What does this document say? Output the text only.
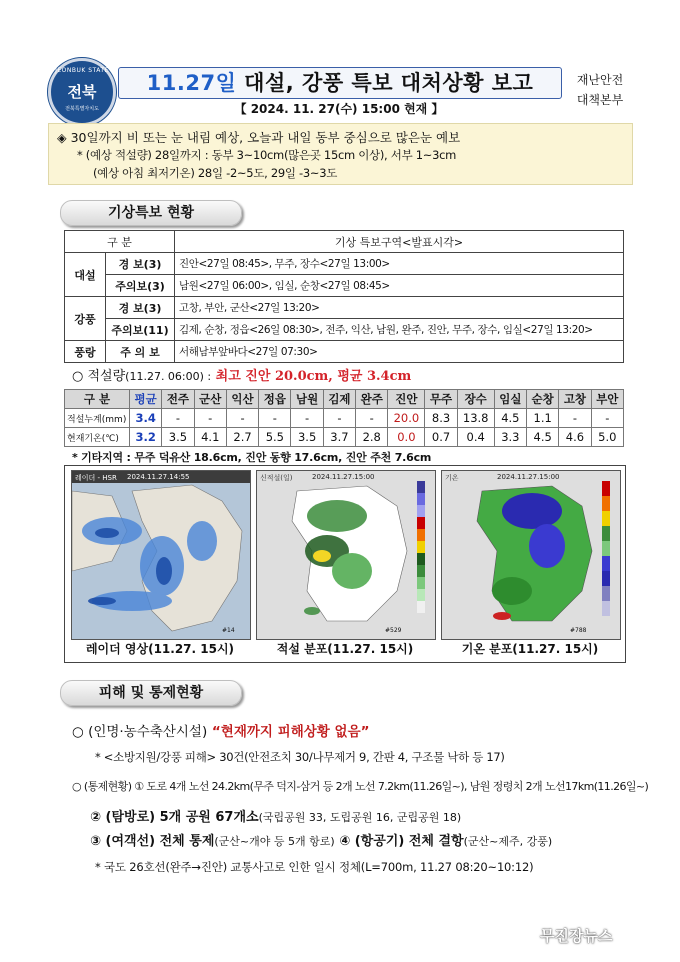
JEONBUK STATE
전북
전북특별자치도
11.27일 대설, 강풍 특보 대처상황 보고
【 2024. 11. 27(수) 15:00 현재 】
재난안전
대책본부
◈ 30일까지 비 또는 눈 내림 예상, 오늘과 내일 동부 중심으로 많은눈 예보
* (예상 적설량) 28일까지 : 동부 3~10cm(많은곳 15cm 이상), 서부 1~3cm
(예상 아침 최저기온) 28일 -2~5도, 29일 -3~3도
기상특보 현황
구 분		기상 특보구역<발표시각>
대설	경 보(3)	진안<27일 08:45>, 무주, 장수<27일 13:00>
	주의보(3)	남원<27일 06:00>, 임실, 순창<27일 08:45>
강풍	경 보(3)	고창, 부안, 군산<27일 13:20>
	주의보(11)	김제, 순창, 정읍<26일 08:30>, 전주, 익산, 남원, 완주, 진안, 무주, 장수, 임실<27일 13:20>
풍랑	주 의 보	서해남부앞바다<27일 07:30>
○ 적설량(11.27. 06:00) : 최고 진안 20.0cm, 평균 3.4cm
구 분	평균	전주	군산	익산	정읍	남원	김제	완주	진안	무주	장수	임실	순창	고창	부안
적설누계(mm)	3.4	-	-	-	-	-	-	-	20.0	8.3	13.8	4.5	1.1	-	-
현재기온(℃)	3.2	3.5	4.1	2.7	5.5	3.5	3.7	2.8	0.0	0.7	0.4	3.3	4.5	4.6	5.0
* 기타지역 : 무주 덕유산 18.6cm, 진안 동향 17.6cm, 진안 주천 7.6cm
레이더 - HSR 2024.11.27.14:55
#14
레이더 영상(11.27. 15시)
신적설(일)	2024.11.27.15:00
#529
적설 분포(11.27. 15시)
기온	2024.11.27.15:00
#788
기온 분포(11.27. 15시)
피해 및 통제현황
○ (인명·농수축산시설) “현재까지 피해상황 없음”
* <소방지원/강풍 피해> 30건(안전조치 30/나무제거 9, 간판 4, 구조물 낙하 등 17)
○ (통제현황) ① 도로 4개 노선 24.2km(무주 덕지-삼거 등 2개 노선 7.2km(11.26일~), 남원 정령치 2개 노선17km(11.26일~)
② (탐방로) 5개 공원 67개소(국립공원 33, 도립공원 16, 군립공원 18)
③ (여객선) 전체 통제(군산~개야 등 5개 항로) ④ (항공기) 전체 결항(군산~제주, 강풍)
* 국도 26호선(완주→진안) 교통사고로 인한 일시 정체(L=700m, 11.27 08:20~10:12)
무진장뉴스
